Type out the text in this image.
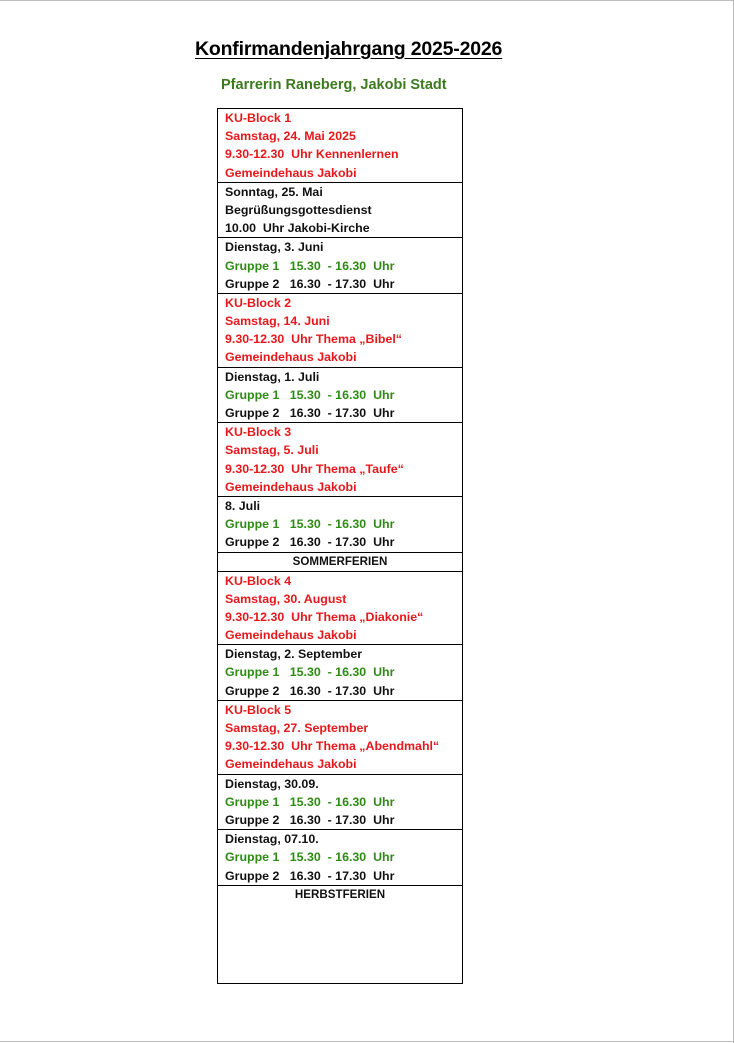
Konfirmandenjahrgang 2025-2026
Pfarrerin Raneberg, Jakobi Stadt
KU-Block 1
Samstag, 24. Mai 2025
9.30-12.30  Uhr Kennenlernen
Gemeindehaus Jakobi
Sonntag, 25. Mai
Begrüßungsgottesdienst
10.00  Uhr Jakobi-Kirche
Dienstag, 3. Juni
Gruppe 1   15.30  - 16.30  Uhr
Gruppe 2   16.30  - 17.30  Uhr
KU-Block 2
Samstag, 14. Juni
9.30-12.30  Uhr Thema „Bibel“
Gemeindehaus Jakobi
Dienstag, 1. Juli
Gruppe 1   15.30  - 16.30  Uhr
Gruppe 2   16.30  - 17.30  Uhr
KU-Block 3
Samstag, 5. Juli
9.30-12.30  Uhr Thema „Taufe“
Gemeindehaus Jakobi
8. Juli
Gruppe 1   15.30  - 16.30  Uhr
Gruppe 2   16.30  - 17.30  Uhr
SOMMERFERIEN
KU-Block 4
Samstag, 30. August
9.30-12.30  Uhr Thema „Diakonie“
Gemeindehaus Jakobi
Dienstag, 2. September
Gruppe 1   15.30  - 16.30  Uhr
Gruppe 2   16.30  - 17.30  Uhr
KU-Block 5
Samstag, 27. September
9.30-12.30  Uhr Thema „Abendmahl“
Gemeindehaus Jakobi
Dienstag, 30.09.
Gruppe 1   15.30  - 16.30  Uhr
Gruppe 2   16.30  - 17.30  Uhr
Dienstag, 07.10.
Gruppe 1   15.30  - 16.30  Uhr
Gruppe 2   16.30  - 17.30  Uhr
HERBSTFERIEN
